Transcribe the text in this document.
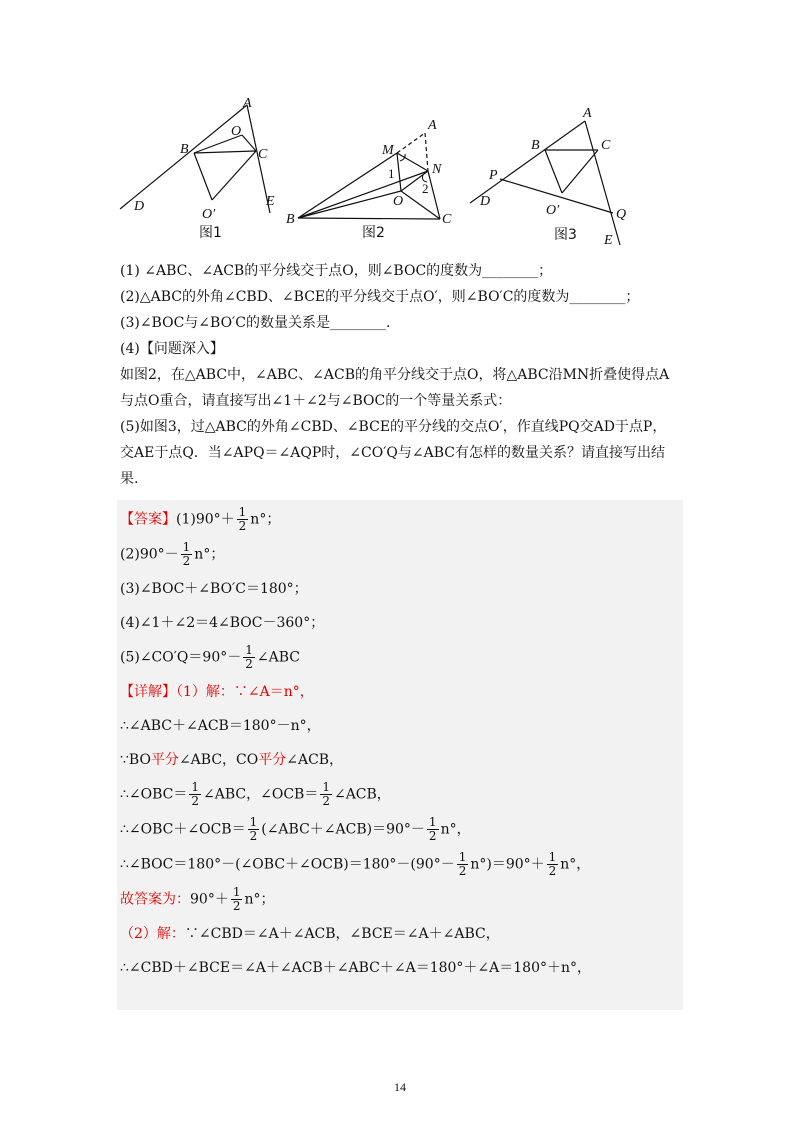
A
O
B	C
D
O′
E
图1
A
M
N
1
2
O
B	C
图2
A
B	C
P
D
O′	Q
E
图3
(1) ∠ABC、∠ACB的平分线交于点O，则∠BOC的度数为________；
(2)△ABC的外角∠CBD、∠BCE的平分线交于点O′，则∠BO′C的度数为________；
(3)∠BOC与∠BO′C的数量关系是________.
(4)【问题深入】
如图2，在△ABC中，∠ABC、∠ACB的角平分线交于点O，将△ABC沿MN折叠使得点A与点O重合，请直接写出∠1＋∠2与∠BOC的一个等量关系式：
(5)如图3，过△ABC的外角∠CBD、∠BCE的平分线的交点O′，作直线PQ交AD于点P，交AE于点Q．当∠APQ＝∠AQP时，∠CO′Q与∠ABC有怎样的数量关系？请直接写出结果.
【答案】$(1)90^\circ+ \frac{1}{2} n^\circ$；
$(2)90^\circ- \frac{1}{2} n^\circ$；
(3)∠BOC＋∠BO′C＝180°；
(4)∠1＋∠2＝4∠BOC－360°；
(5)∠CO′Q＝90°－ $\frac{1}{2}$ ∠ABC
【详解】（1）解：∵∠A＝n°，
∴∠ABC＋∠ACB＝180°－n°，
∵BO平分∠ABC，CO平分∠ACB，
∴∠OBC＝ $\frac{1}{2}$ ∠ABC，∠OCB＝ $\frac{1}{2}$ ∠ACB，
∴∠OBC＋∠OCB＝ $\frac{1}{2}$ (∠ABC＋∠ACB)＝90°－ $\frac{1}{2} n^\circ$，
∴∠BOC＝180°－(∠OBC＋∠OCB)＝180°－(90°－ $\frac{1}{2} n^\circ)=90^\circ+ \frac{1}{2} n^\circ$，
故答案为：$90^\circ+ \frac{1}{2} n^\circ$；
（2）解：∵∠CBD＝∠A＋∠ACB，∠BCE＝∠A＋∠ABC，
∴∠CBD＋∠BCE＝∠A＋∠ACB＋∠ABC＋∠A＝180°＋∠A＝180°＋n°，
14
